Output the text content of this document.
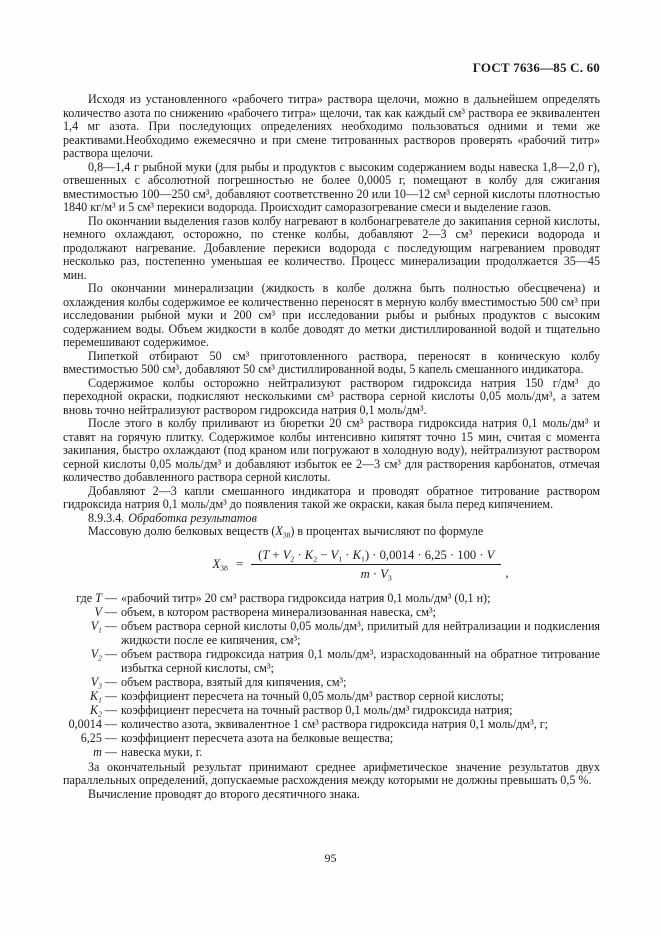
ГОСТ 7636—85 С. 60

Исходя из установленного «рабочего титра» раствора щелочи, можно в дальнейшем определять количество азота по снижению «рабочего титра» щелочи, так как каждый см³ раствора ее эквивалентен 1,4 мг азота. При последующих определениях необходимо пользоваться одними и теми же реактивами.Необходимо ежемесячно и при смене титрованных растворов проверять «рабочий титр» раствора щелочи.

0,8—1,4 г рыбной муки (для рыбы и продуктов с высоким содержанием воды навеска 1,8—2,0 г), отвешенных с абсолютной погрешностью не более 0,0005 г, помещают в колбу для сжигания вместимостью 100—250 см³, добавляют соответственно 20 или 10—12 см³ серной кислоты плотностью 1840 кг/м³ и 5 см³ перекиси водорода. Происходит саморазогревание смеси и выделение газов.

По окончании выделения газов колбу нагревают в колбонагревателе до закипания серной кислоты, немного охлаждают, осторожно, по стенке колбы, добавляют 2—3 см³ перекиси водорода и продолжают нагревание. Добавление перекиси водорода с последующим нагреванием проводят несколько раз, постепенно уменьшая ее количество. Процесс минерализации продолжается 35—45 мин.

По окончании минерализации (жидкость в колбе должна быть полностью обесцвечена) и охлаждения колбы содержимое ее количественно переносят в мерную колбу вместимостью 500 см³ при исследовании рыбной муки и 200 см³ при исследовании рыбы и рыбных продуктов с высоким содержанием воды. Объем жидкости в колбе доводят до метки дистиллированной водой и тщательно перемешивают содержимое.

Пипеткой отбирают 50 см³ приготовленного раствора, переносят в коническую колбу вместимостью 500 см³, добавляют 50 см³ дистиллированной воды, 5 капель смешанного индикатора.

Содержимое колбы осторожно нейтрализуют раствором гидроксида натрия 150 г/дм³ до переходной окраски, подкисляют несколькими см³ раствора серной кислоты 0,05 моль/дм³, а затем вновь точно нейтрализуют раствором гидроксида натрия 0,1 моль/дм³.

После этого в колбу приливают из бюретки 20 см³ раствора гидроксида натрия 0,1 моль/дм³ и ставят на горячую плитку. Содержимое колбы интенсивно кипятят точно 15 мин, считая с момента закипания, быстро охлаждают (под краном или погружают в холодную воду), нейтрализуют раствором серной кислоты 0,05 моль/дм³ и добавляют избыток ее 2—3 см³ для растворения карбонатов, отмечая количество добавленного раствора серной кислоты.

Добавляют 2—3 капли смешанного индикатора и проводят обратное титрование раствором гидроксида натрия 0,1 моль/дм³ до появления такой же окраски, какая была перед кипячением.

8.9.3.4. Обработка результатов

Массовую долю белковых веществ $(X_{38})$ в процентах вычисляют по формуле

$X_{38} = \frac{(T + V_2 \cdot K_2 - V_1 \cdot K_1) \cdot 0,0014 \cdot 6,25 \cdot 100 \cdot V}{m \cdot V_3}$ ,
где T — «рабочий титр» 20 см³ раствора гидроксида натрия 0,1 моль/дм³ (0,1 н);
V — объем, в котором растворена минерализованная навеска, см³;
$V_1$ — объем раствора серной кислоты 0,05 моль/дм³, прилитый для нейтрализации и подкисления жидкости после ее кипячения, см³;
$V_2$ — объем раствора гидроксида натрия 0,1 моль/дм³, израсходованный на обратное титрование избытка серной кислоты, см³;
$V_3$ — объем раствора, взятый для кипячения, см³;
$K_1$ — коэффициент пересчета на точный 0,05 моль/дм³ раствор серной кислоты;
$K_2$ — коэффициент пересчета на точный раствор 0,1 моль/дм³ гидроксида натрия;
0,0014 — количество азота, эквивалентное 1 см³ раствора гидроксида натрия 0,1 моль/дм³, г;
6,25 — коэффициент пересчета азота на белковые вещества;
m — навеска муки, г.

За окончательный результат принимают среднее арифметическое значение результатов двух параллельных определений, допускаемые расхождения между которыми не должны превышать 0,5 %.

Вычисление проводят до второго десятичного знака.

95
